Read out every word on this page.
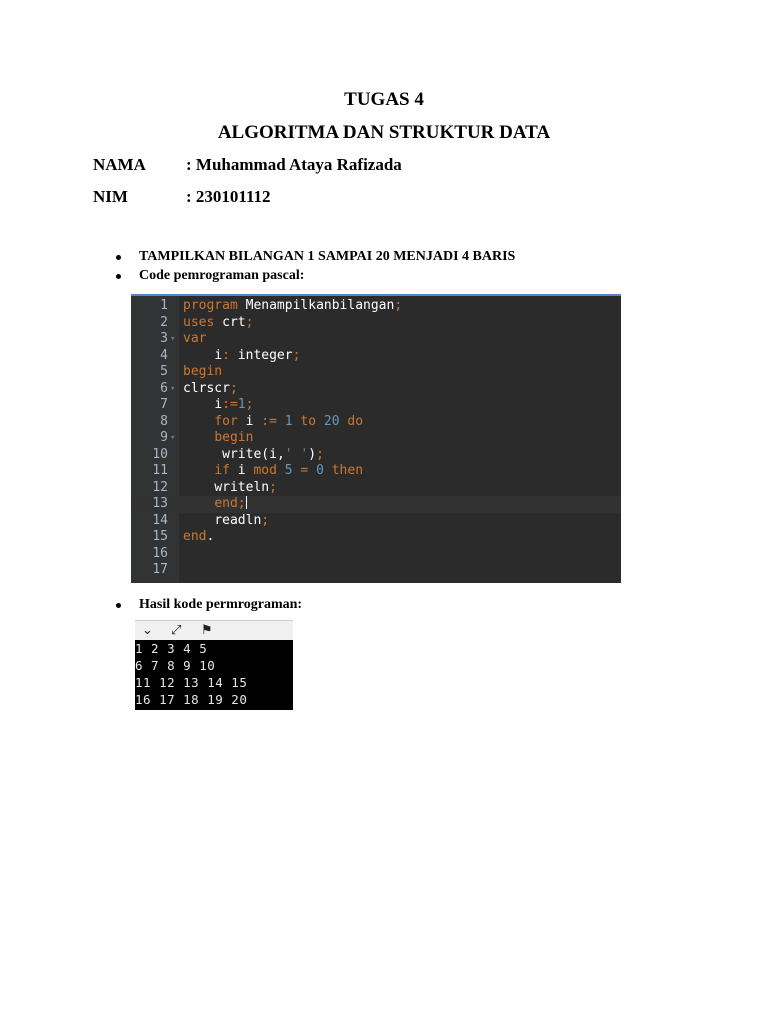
TUGAS 4
ALGORITMA DAN STRUKTUR DATA
NAMA : Muhammad Ataya Rafizada
NIM	: 230101112
TAMPILKAN BILANGAN 1 SAMPAI 20 MENJADI 4 BARIS
Code pemrograman pascal:
1 program Menampilkanbilangan;
2 uses crt;
3 ▾ var
4	i: integer;
5 begin
6 ▾ clrscr;
7	i:=1;
8	for i := 1 to 20 do
9 ▾	begin
10	write(i,' ');
11	if i mod 5 = 0 then
12	writeln;
13	end;
14	readln;
15 end.
16
17
Hasil kode permrograman:
⌄ ⤢ ⚑
1 2 3 4 5
6 7 8 9 10
11 12 13 14 15
16 17 18 19 20
